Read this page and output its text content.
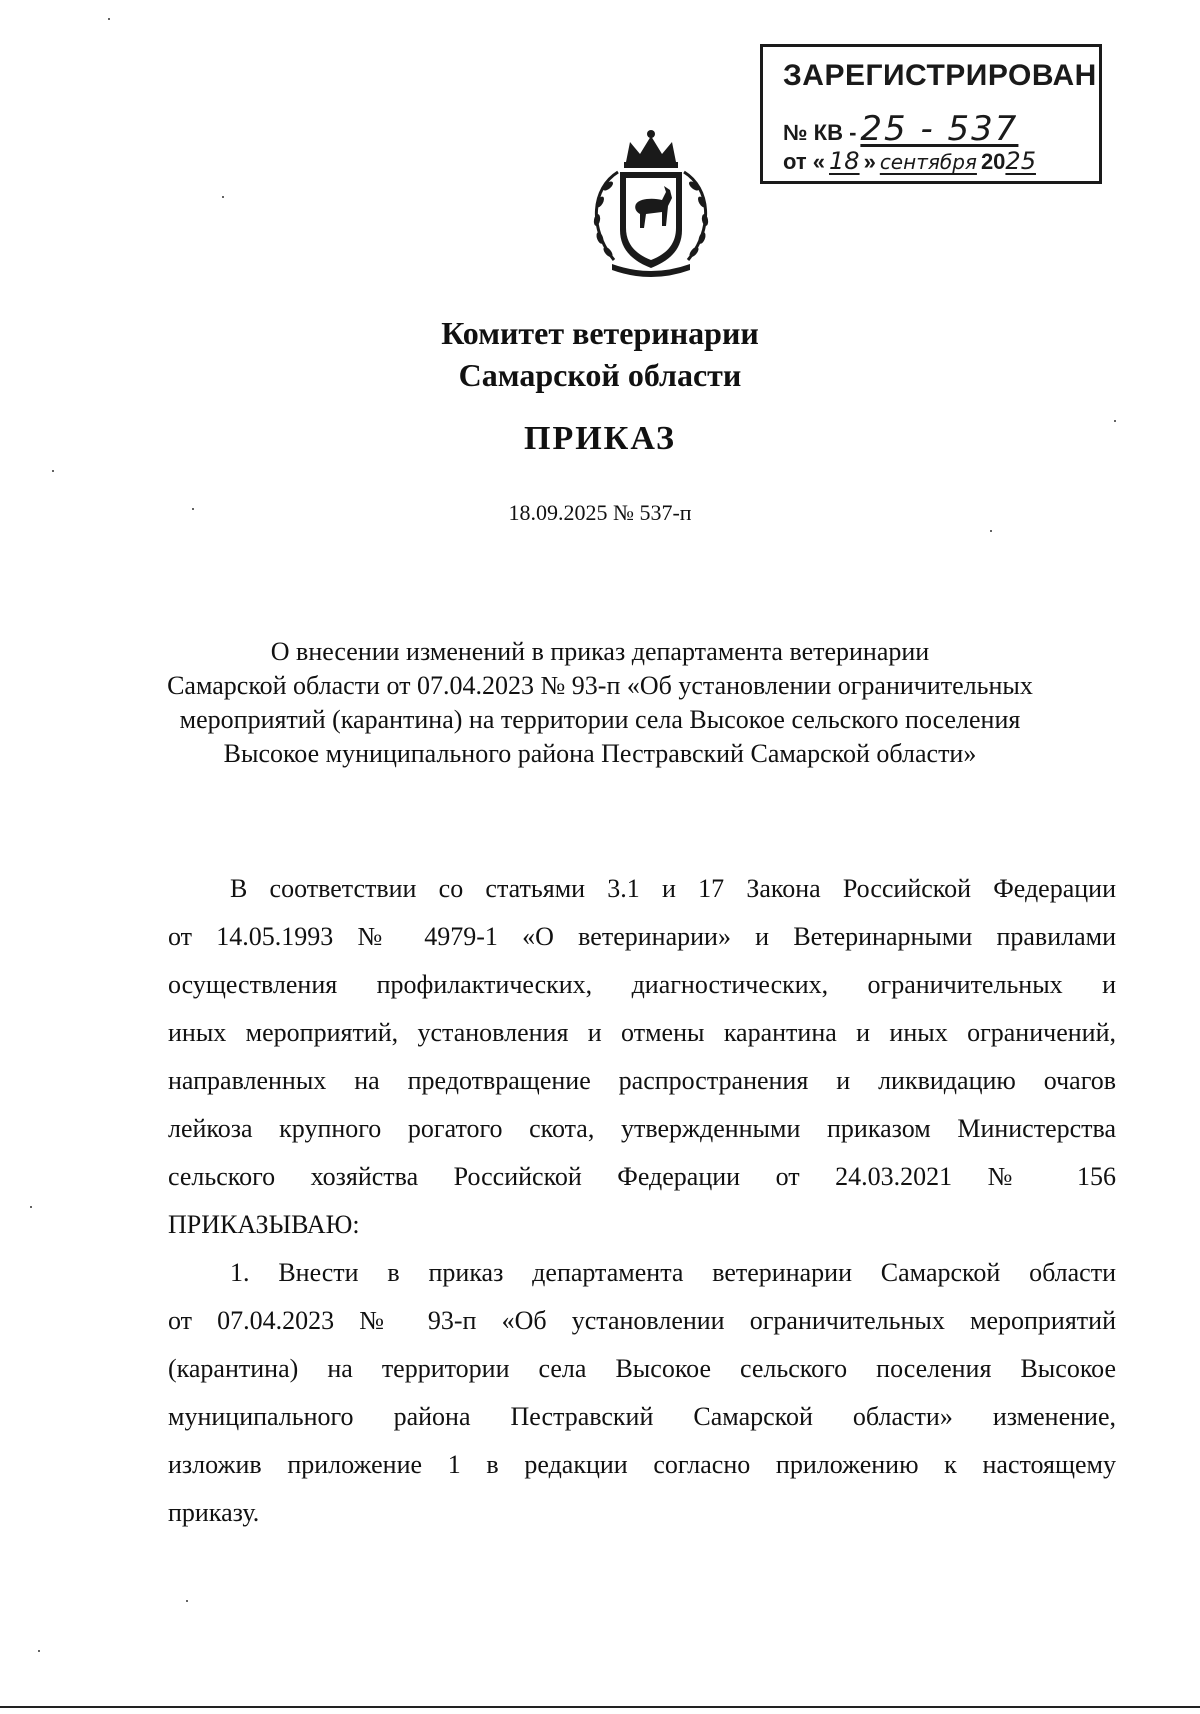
ЗАРЕГИСТРИРОВАН
№ КВ - 25 - 537
от « 18 » сентября 2025
Комитет ветеринарии
Самарской области
ПРИКАЗ
18.09.2025 № 537-п
О внесении изменений в приказ департамента ветеринарии
Самарской области от 07.04.2023 № 93-п «Об установлении ограничительных
мероприятий (карантина) на территории села Высокое сельского поселения
Высокое муниципального района Пестравский Самарской области»
В соответствии со статьями 3.1 и 17 Закона Российской Федерации
от 14.05.1993 № 4979-1 «О ветеринарии» и Ветеринарными правилами
осуществления профилактических, диагностических, ограничительных и
иных мероприятий, установления и отмены карантина и иных ограничений,
направленных на предотвращение распространения и ликвидацию очагов
лейкоза крупного рогатого скота, утвержденными приказом Министерства
сельского хозяйства Российской Федерации от 24.03.2021 № 156
ПРИКАЗЫВАЮ:
1. Внести в приказ департамента ветеринарии Самарской области
от 07.04.2023 № 93-п «Об установлении ограничительных мероприятий
(карантина) на территории села Высокое сельского поселения Высокое
муниципального района Пестравский Самарской области» изменение,
изложив приложение 1 в редакции согласно приложению к настоящему
приказу.
